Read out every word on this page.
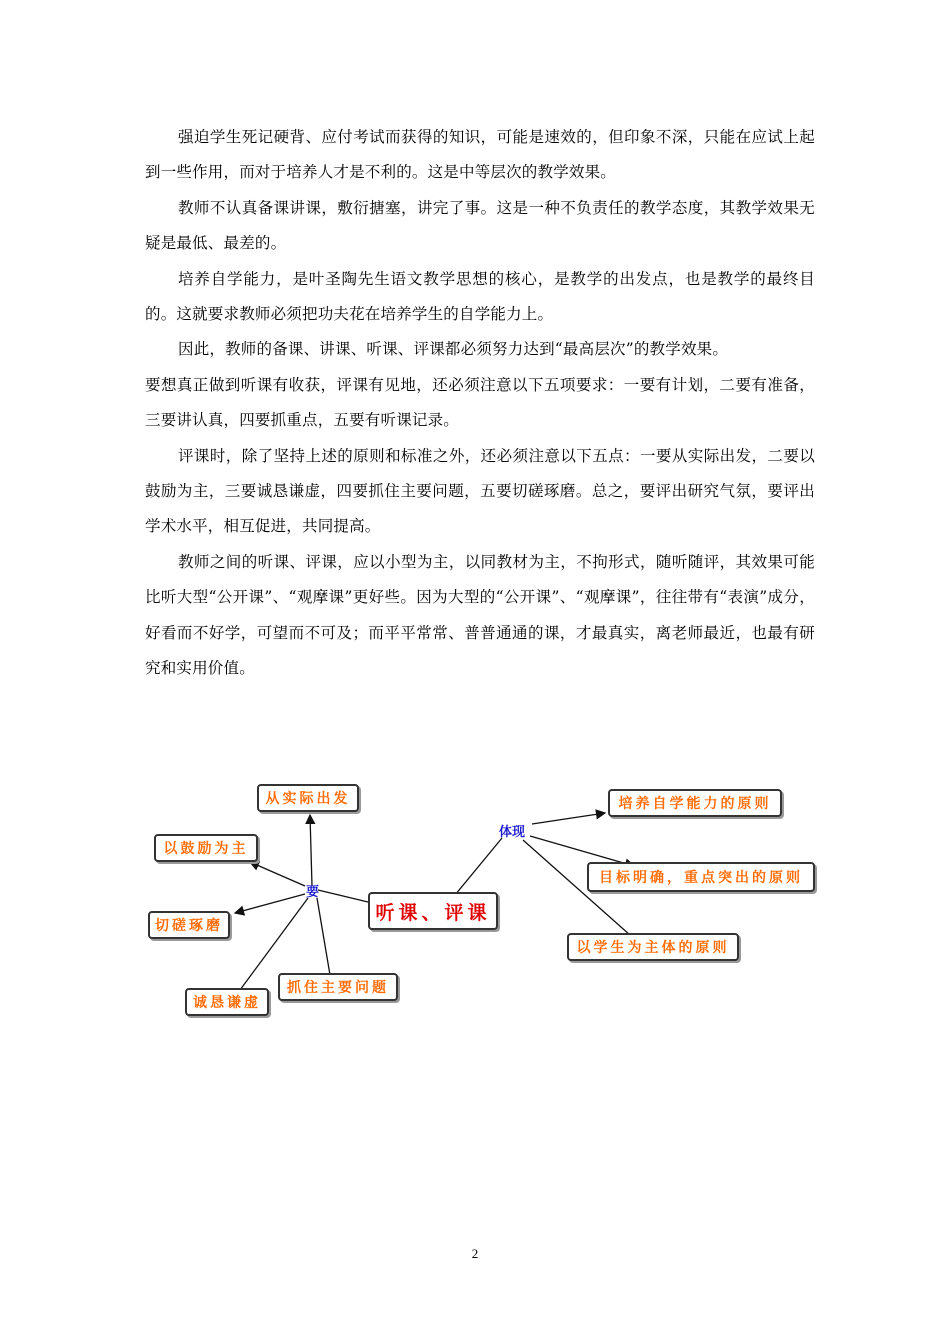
强迫学生死记硬背、应付考试而获得的知识，可能是速效的，但印象不深，只能在应试上起到一些作用，而对于培养人才是不利的。这是中等层次的教学效果。

教师不认真备课讲课，敷衍搪塞，讲完了事。这是一种不负责任的教学态度，其教学效果无疑是最低、最差的。

培养自学能力，是叶圣陶先生语文教学思想的核心，是教学的出发点，也是教学的最终目的。这就要求教师必须把功夫花在培养学生的自学能力上。

因此，教师的备课、讲课、听课、评课都必须努力达到“最高层次”的教学效果。

要想真正做到听课有收获，评课有见地，还必须注意以下五项要求：一要有计划，二要有准备，三要讲认真，四要抓重点，五要有听课记录。

评课时，除了坚持上述的原则和标准之外，还必须注意以下五点：一要从实际出发，二要以鼓励为主，三要诚恳谦虚，四要抓住主要问题，五要切磋琢磨。总之，要评出研究气氛，要评出学术水平，相互促进，共同提高。

教师之间的听课、评课，应以小型为主，以同教材为主，不拘形式，随听随评，其效果可能比听大型“公开课”、“观摩课”更好些。因为大型的“公开课”、“观摩课”，往往带有“表演”成分，好看而不好学，可望而不可及；而平平常常、普普通通的课，才最真实，离老师最近，也最有研究和实用价值。

听课、评课
要
体现
从实际出发
以鼓励为主
切磋琢磨
诚恳谦虚
抓住主要问题
培养自学能力的原则
目标明确，重点突出的原则
以学生为主体的原则
2
